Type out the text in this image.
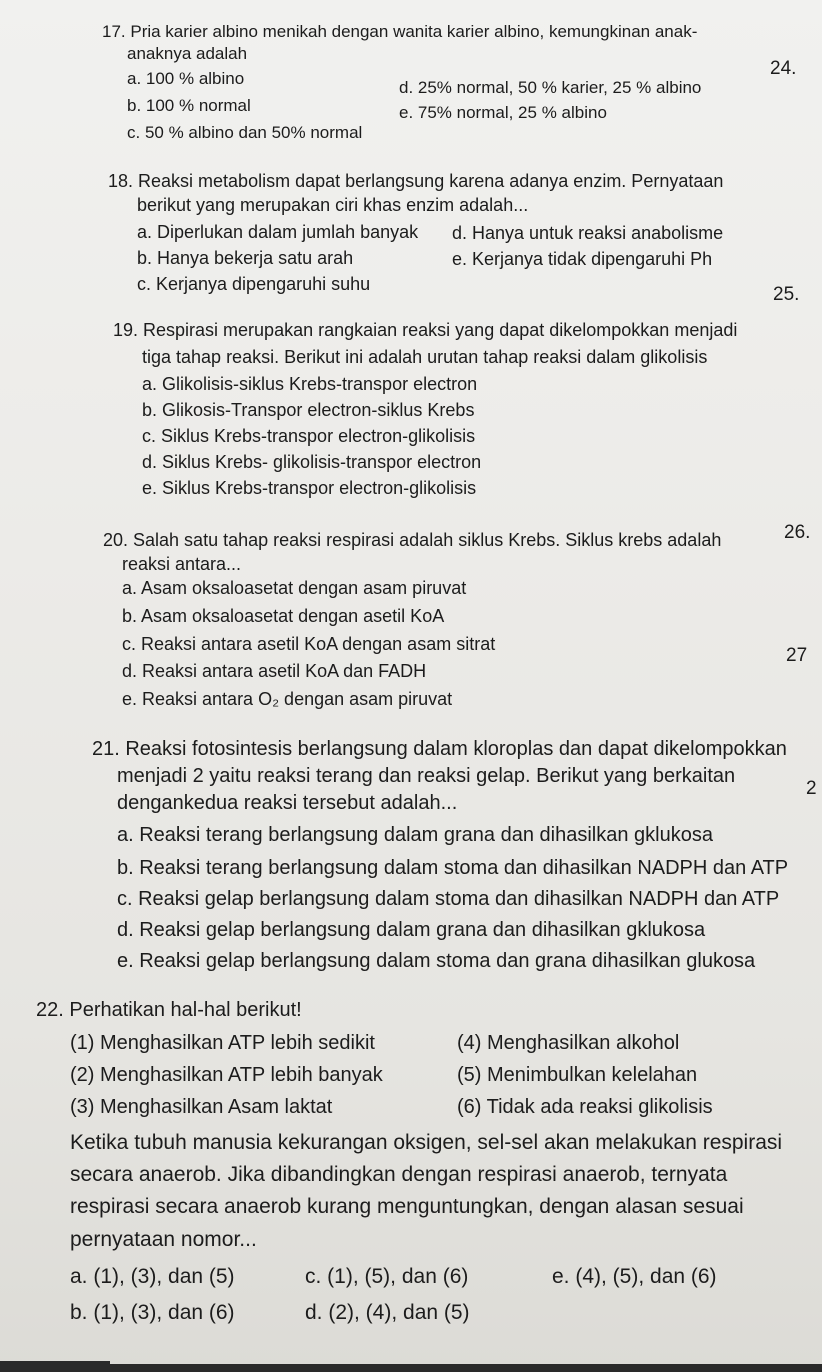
24.
25.
26.
27
2
17. Pria karier albino menikah dengan wanita karier albino, kemungkinan anak-
anaknya adalah
a. 100 % albino
b. 100 % normal
c. 50 % albino dan 50% normal
d. 25% normal, 50 % karier, 25 % albino
e. 75% normal, 25 % albino
18. Reaksi metabolism dapat berlangsung karena adanya enzim. Pernyataan
berikut yang merupakan ciri khas enzim adalah...
a. Diperlukan dalam jumlah banyak
b. Hanya bekerja satu arah
c. Kerjanya dipengaruhi suhu
d. Hanya untuk reaksi anabolisme
e. Kerjanya tidak dipengaruhi Ph
19. Respirasi merupakan rangkaian reaksi yang dapat dikelompokkan menjadi
tiga tahap reaksi. Berikut ini adalah urutan tahap reaksi dalam glikolisis
a. Glikolisis-siklus Krebs-transpor electron
b. Glikosis-Transpor electron-siklus Krebs
c. Siklus Krebs-transpor electron-glikolisis
d. Siklus Krebs- glikolisis-transpor electron
e. Siklus Krebs-transpor electron-glikolisis
20. Salah satu tahap reaksi respirasi adalah siklus Krebs. Siklus krebs adalah
reaksi antara...
a. Asam oksaloasetat dengan asam piruvat
b. Asam oksaloasetat dengan asetil KoA
c. Reaksi antara asetil KoA dengan asam sitrat
d. Reaksi antara asetil KoA dan FADH
e. Reaksi antara O₂ dengan asam piruvat
21. Reaksi fotosintesis berlangsung dalam kloroplas dan dapat dikelompokkan
menjadi 2 yaitu reaksi terang dan reaksi gelap. Berikut yang berkaitan
dengankedua reaksi tersebut adalah...
a. Reaksi terang berlangsung dalam grana dan dihasilkan gklukosa
b. Reaksi terang berlangsung dalam stoma dan dihasilkan NADPH dan ATP
c. Reaksi gelap berlangsung dalam stoma dan dihasilkan NADPH dan ATP
d. Reaksi gelap berlangsung dalam grana dan dihasilkan gklukosa
e. Reaksi gelap berlangsung dalam stoma dan grana dihasilkan glukosa
22. Perhatikan hal-hal berikut!
(1) Menghasilkan ATP lebih sedikit
(2) Menghasilkan ATP lebih banyak
(3) Menghasilkan Asam laktat
(4) Menghasilkan alkohol
(5) Menimbulkan kelelahan
(6) Tidak ada reaksi glikolisis
Ketika tubuh manusia kekurangan oksigen, sel-sel akan melakukan respirasi
secara anaerob. Jika dibandingkan dengan respirasi anaerob, ternyata
respirasi secara anaerob kurang menguntungkan, dengan alasan sesuai
pernyataan nomor...
a. (1), (3), dan (5)
b. (1), (3), dan (6)
c. (1), (5), dan (6)
d. (2), (4), dan (5)
e. (4), (5), dan (6)
